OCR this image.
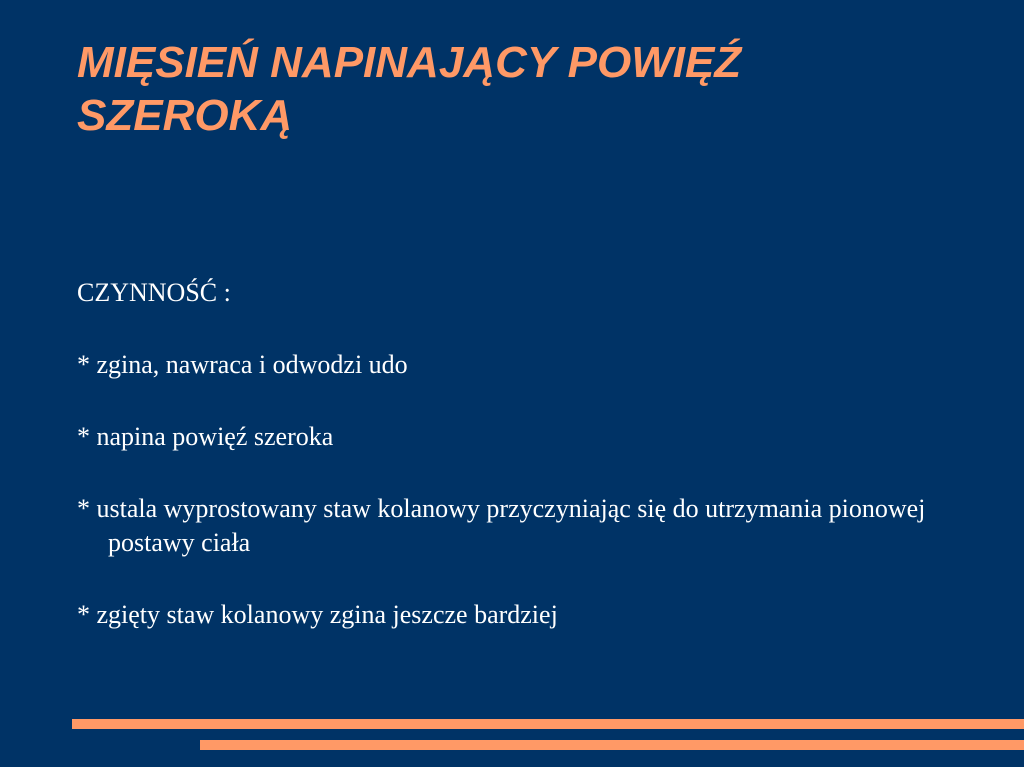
MIĘSIEŃ NAPINAJĄCY POWIĘŹ
SZEROKĄ

CZYNNOŚĆ :

* zgina, nawraca i odwodzi udo

* napina powięź szeroka

* ustala wyprostowany staw kolanowy przyczyniając się do utrzymania pionowej postawy ciała

* zgięty staw kolanowy zgina jeszcze bardziej
